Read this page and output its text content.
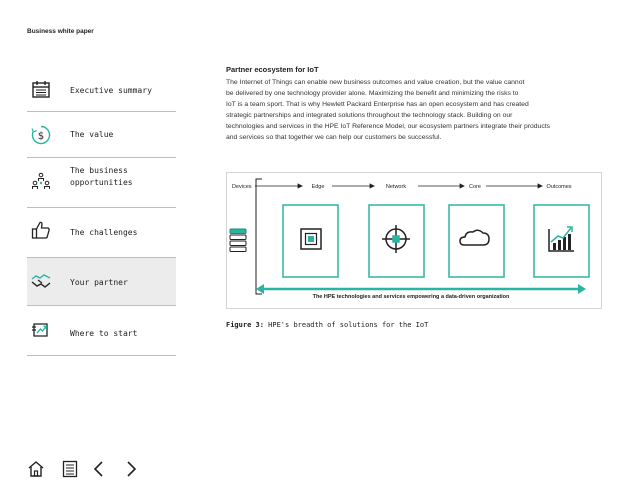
Business white paper
Executive summary
$	The value
The business
opportunities
The challenges
Your partner
Where to start
Partner ecosystem for IoT
The Internet of Things can enable new business outcomes and value creation, but the value cannot
be delivered by one technology provider alone. Maximizing the benefit and minimizing the risks to
IoT is a team sport. That is why Hewlett Packard Enterprise has an open ecosystem and has created
strategic partnerships and integrated solutions throughout the technology stack. Building on our
technologies and services in the HPE IoT Reference Model, our ecosystem partners integrate their products
and services so that together we can help our customers be successful.
Devices	Edge	Network	Core	Outcomes
The HPE technologies and services empowering a data-driven organization
Figure 3: HPE's breadth of solutions for the IoT
